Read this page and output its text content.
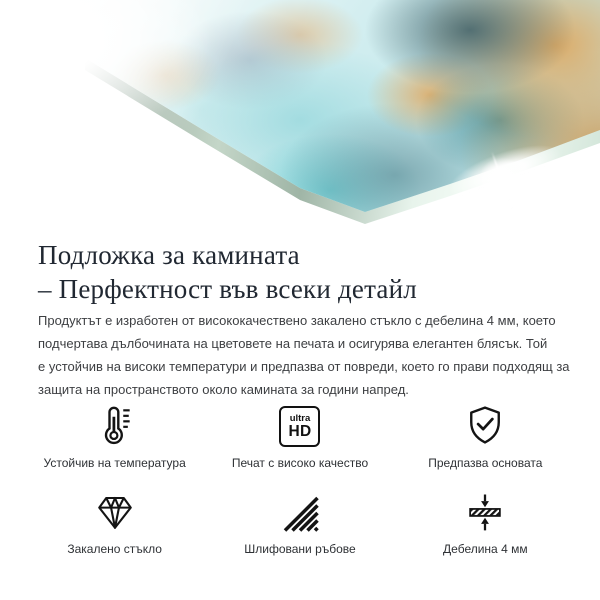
Подложка за камината
– Перфектност във всеки детайл
Продуктът е изработен от висококачествено закалено стъкло с дебелина 4 мм, което
подчертава дълбочината на цветовете на печата и осигурява елегантен блясък. Той
е устойчив на високи температури и предпазва от повреди, което го прави подходящ за
защита на пространството около камината за години напред.
Устойчив на температура
ultra
HD
Печат с високо качество	Предпазва основата
Закалено стъкло	Шлифовани ръбове	Дебелина 4 мм
